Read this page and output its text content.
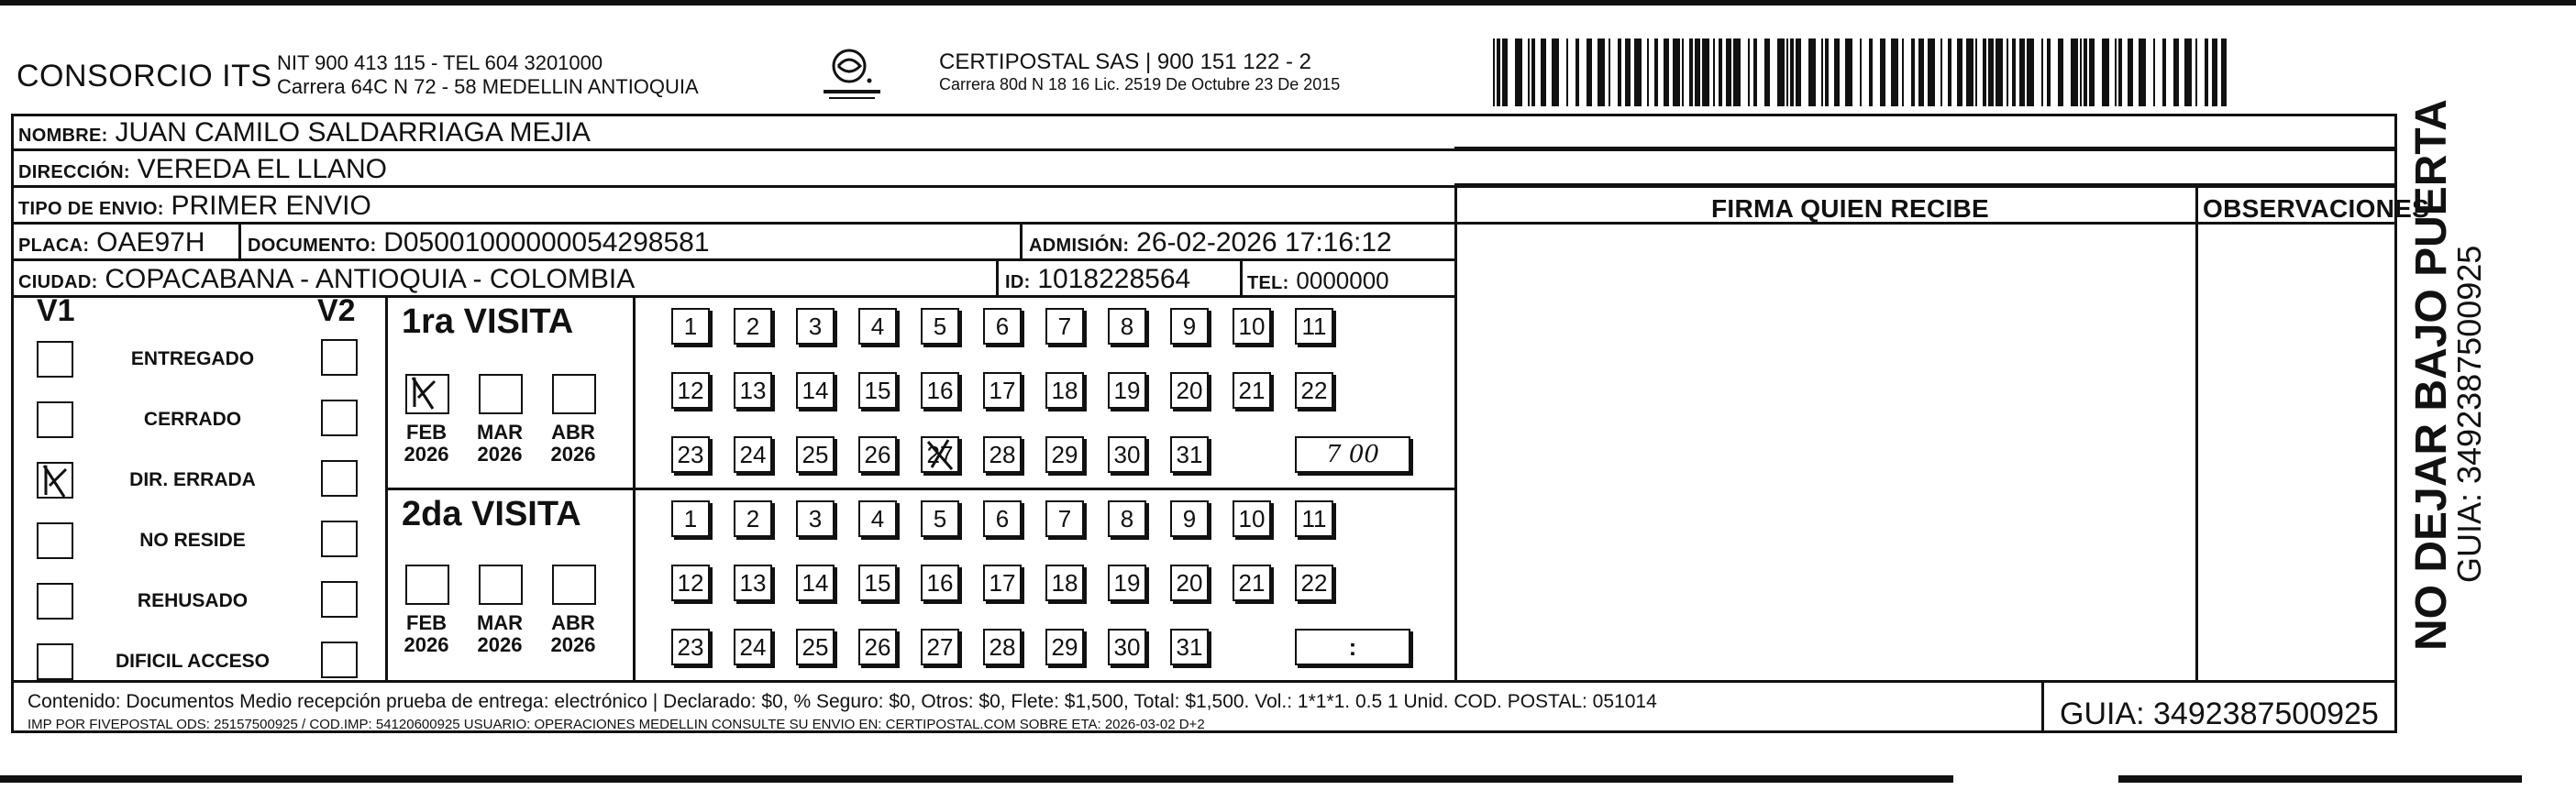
CONSORCIO ITS NIT 900 413 115 - TEL 604 3201000
Carrera 64C N 72 - 58 MEDELLIN ANTIOQUIA
CERTIPOSTAL SAS | 900 151 122 - 2
Carrera 80d N 18 16 Lic. 2519 De Octubre 23 De 2015
NOMBRE: JUAN CAMILO SALDARRIAGA MEJIA
DIRECCIÓN: VEREDA EL LLANO
TIPO DE ENVIO: PRIMER ENVIO
PLACA: OAE97H DOCUMENTO: D05001000000054298581	ADMISIÓN: 26-02-2026 17:16:12
CIUDAD: COPACABANA - ANTIOQUIA - COLOMBIA	ID: 1018228564	TEL: 0000000
FIRMA QUIEN RECIBE	OBSERVACIONES
V1	V2
ENTREGADO
CERRADO
DIR. ERRADA
NO RESIDE
REHUSADO
DIFICIL ACCESO
1ra VISITA
2da VISITA
FEB
2026
MAR
2026
ABR
2026
FEB
2026
MAR
2026
ABR
2026
1	2	3	4	5	6	7	8	9	10 11
12 13 14 15 16 17 18 19 20 21 22
23 24 25 26 27 28 29 30 31
1	2	3	4	5	6	7	8	9	10 11
12 13 14 15 16 17 18 19 20 21 22
23 24 25 26 27 28 29 30 31
7 00
:
Contenido: Documentos Medio recepción prueba de entrega: electrónico | Declarado: $0, % Seguro: $0, Otros: $0, Flete: $1,500, Total: $1,500. Vol.: 1*1*1. 0.5 1 Unid. COD. POSTAL: 051014
IMP POR FIVEPOSTAL ODS: 25157500925 / COD.IMP: 54120600925 USUARIO: OPERACIONES MEDELLIN CONSULTE SU ENVIO EN: CERTIPOSTAL.COM SOBRE ETA: 2026-03-02 D+2	GUIA: 3492387500925
NO DEJAR BAJO PUERTA
GUIA: 3492387500925
